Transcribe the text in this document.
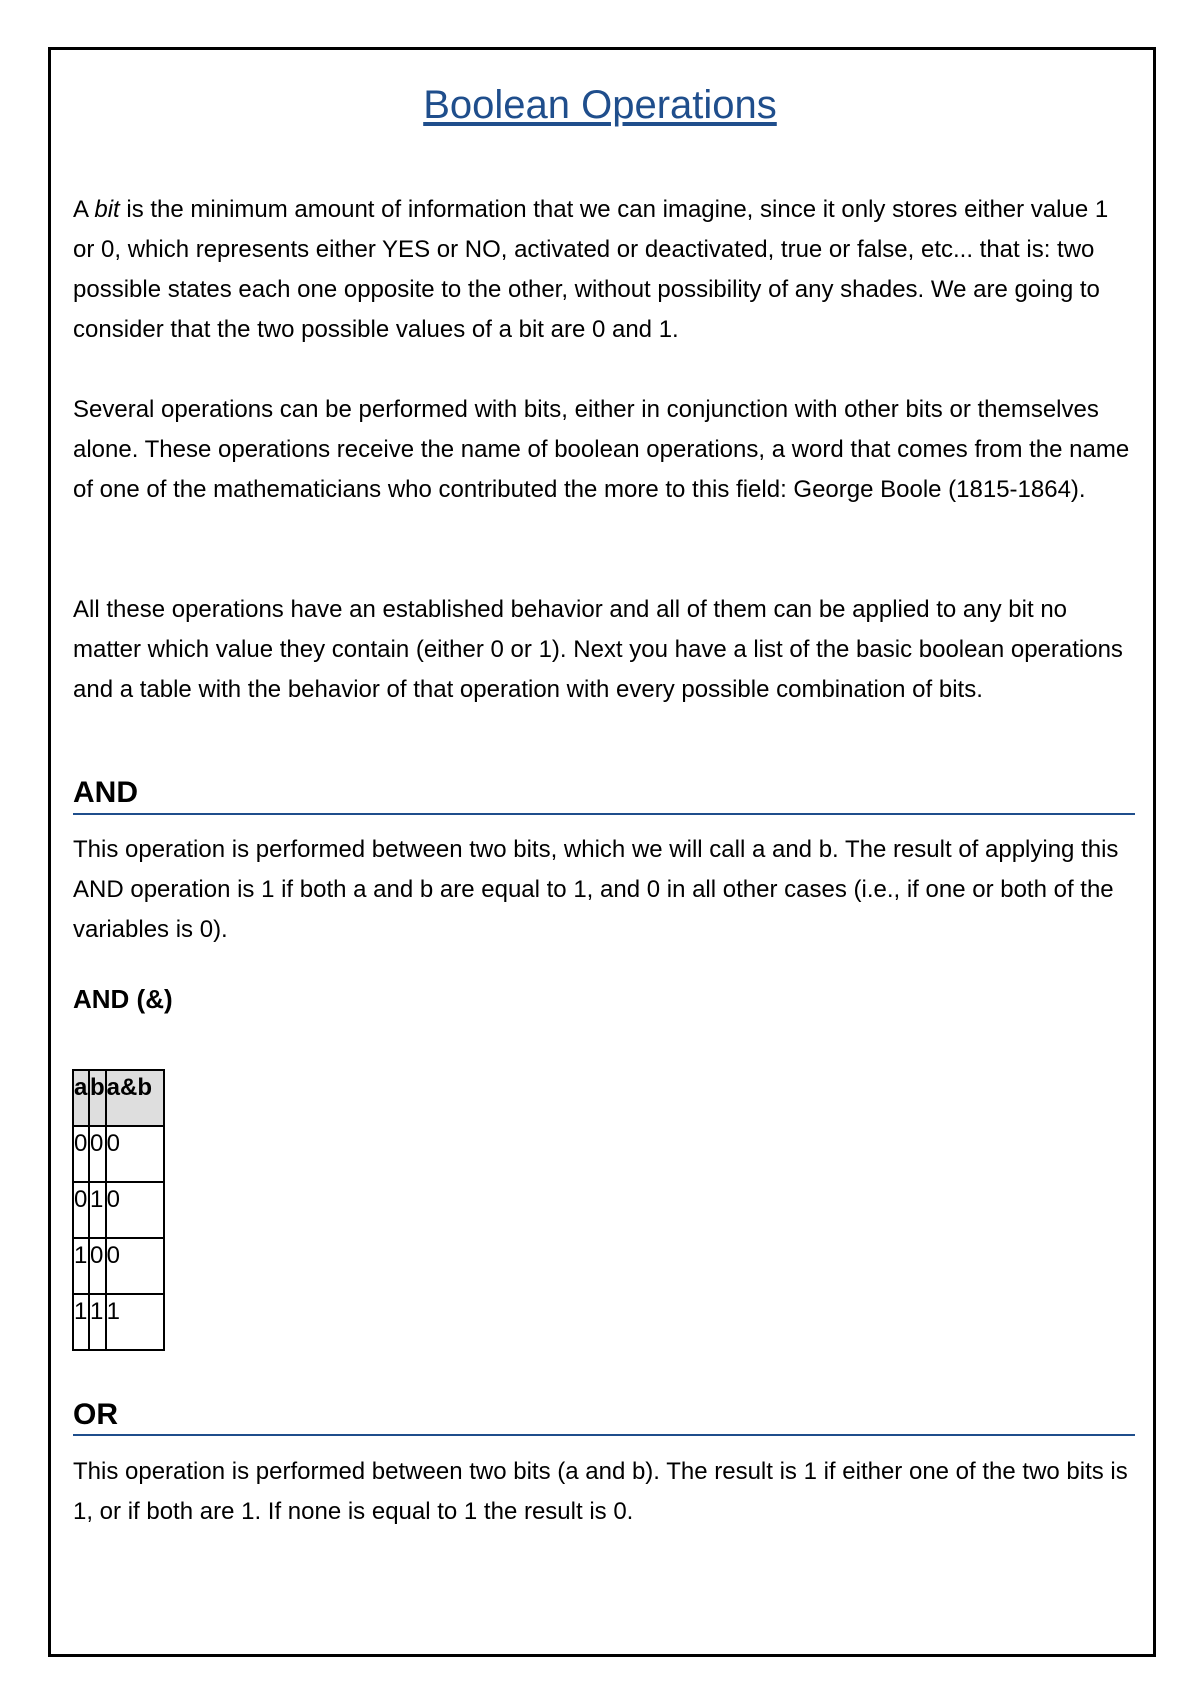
Boolean Operations
A bit is the minimum amount of information that we can imagine, since it only stores either value 1 or 0, which represents either YES or NO, activated or deactivated, true or false, etc... that is: two possible states each one opposite to the other, without possibility of any shades. We are going to consider that the two possible values of a bit are 0 and 1.
Several operations can be performed with bits, either in conjunction with other bits or themselves alone. These operations receive the name of boolean operations, a word that comes from the name of one of the mathematicians who contributed the more to this field: George Boole (1815-1864).
All these operations have an established behavior and all of them can be applied to any bit no matter which value they contain (either 0 or 1). Next you have a list of the basic boolean operations and a table with the behavior of that operation with every possible combination of bits.
AND
This operation is performed between two bits, which we will call a and b. The result of applying this AND operation is 1 if both a and b are equal to 1, and 0 in all other cases (i.e., if one or both of the variables is 0).
AND (&)
a	b	a&b
0	0	0
0	1	0
1	0	0
1	1	1
OR
This operation is performed between two bits (a and b). The result is 1 if either one of the two bits is 1, or if both are 1. If none is equal to 1 the result is 0.
